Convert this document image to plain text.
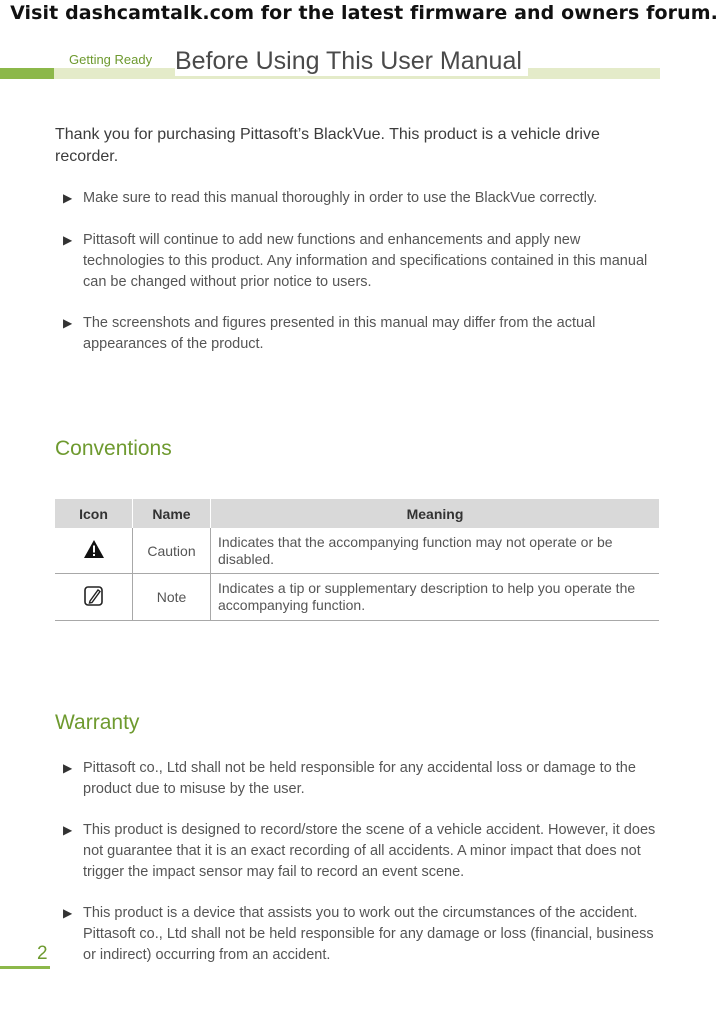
Visit dashcamtalk.com for the latest firmware and owners forum.
Getting Ready Before Using This User Manual

Thank you for purchasing Pittasoft’s BlackVue. This product is a vehicle drive recorder.

▶ Make sure to read this manual thoroughly in order to use the BlackVue correctly.
▶ Pittasoft will continue to add new functions and enhancements and apply new technologies to this product. Any information and specifications contained in this manual can be changed without prior notice to users.
▶ The screenshots and figures presented in this manual may differ from the actual appearances of the product.
Conventions
Icon	Name	Meaning
	Caution	Indicates that the accompanying function may not operate or be disabled.
	Note	Indicates a tip or supplementary description to help you operate the accompanying function.
Warranty
▶ Pittasoft co., Ltd shall not be held responsible for any accidental loss or damage to the product due to misuse by the user.
▶ This product is designed to record/store the scene of a vehicle accident. However, it does not guarantee that it is an exact recording of all accidents. A minor impact that does not trigger the impact sensor may fail to record an event scene.
▶ This product is a device that assists you to work out the circumstances of the accident. Pittasoft co., Ltd shall not be held responsible for any damage or loss (financial, business or indirect) occurring from an accident.
2
